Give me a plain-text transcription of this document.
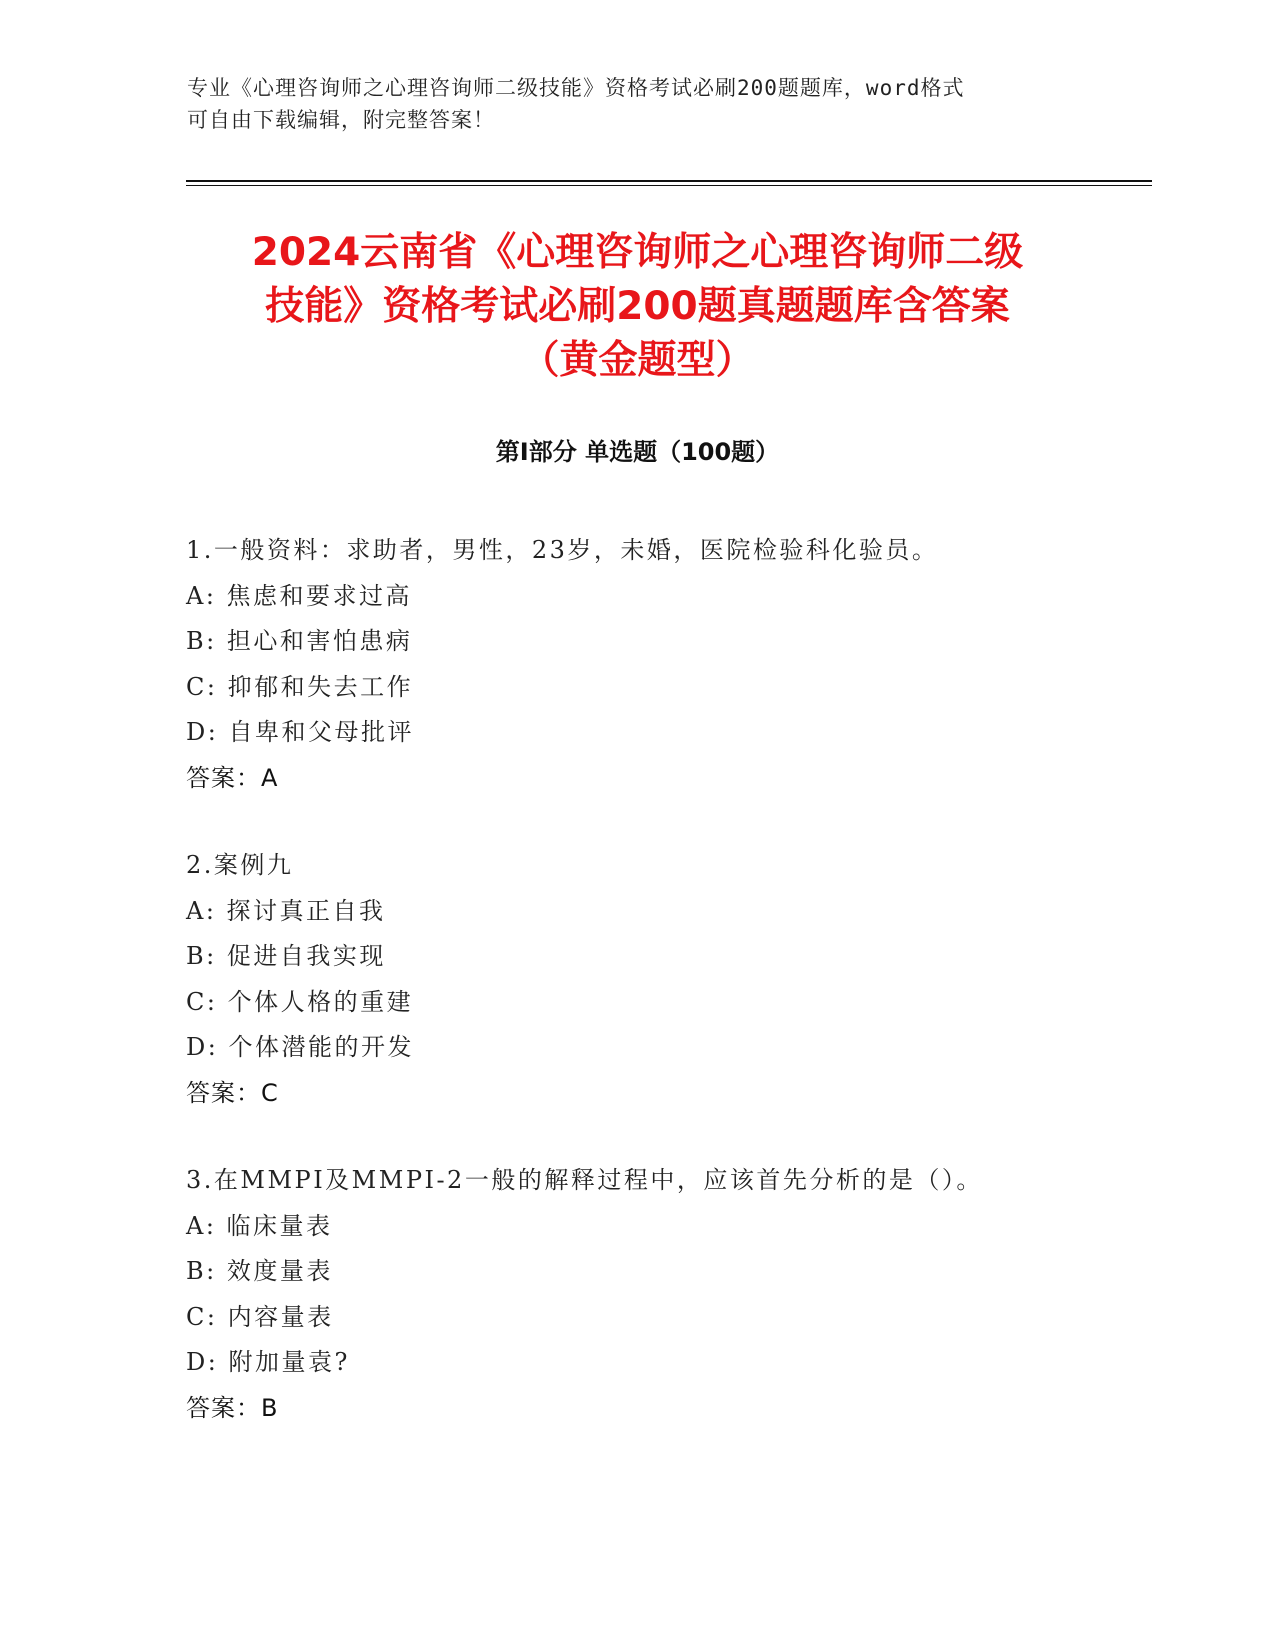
专业《心理咨询师之心理咨询师二级技能》资格考试必刷200题题库，word格式
可自由下载编辑，附完整答案！
2024云南省《心理咨询师之心理咨询师二级
技能》资格考试必刷200题真题题库含答案
（黄金题型）
第Ⅰ部分 单选题（100题）
1.一般资料：求助者，男性，23岁，未婚，医院检验科化验员。
A: 焦虑和要求过高
B: 担心和害怕患病
C: 抑郁和失去工作
D: 自卑和父母批评
答案：A
2.案例九
A: 探讨真正自我
B: 促进自我实现
C: 个体人格的重建
D: 个体潜能的开发
答案：C
3.在MMPI及MMPI-2一般的解释过程中，应该首先分析的是（）。
A: 临床量表
B: 效度量表
C: 内容量表
D: 附加量袁?
答案：B
